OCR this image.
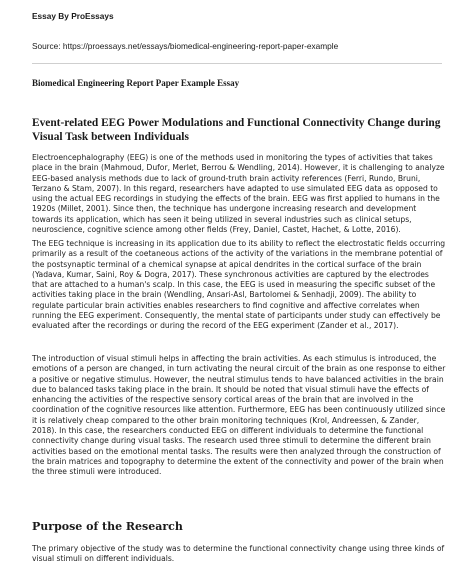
Essay By ProEssays
Source: https://proessays.net/essays/biomedical-engineering-report-paper-example
Biomedical Engineering Report Paper Example Essay
Event-related EEG Power Modulations and Functional Connectivity Change during Visual Task between Individuals
Electroencephalography (EEG) is one of the methods used in monitoring the types of activities that takes place in the brain (Mahmoud, Dufor, Merlet, Berrou & Wendling, 2014). However, it is challenging to analyze EEG-based analysis methods due to lack of ground-truth brain activity references (Ferri, Rundo, Bruni, Terzano & Stam, 2007). In this regard, researchers have adapted to use simulated EEG data as opposed to using the actual EEG recordings in studying the effects of the brain. EEG was first applied to humans in the 1920s (Millet, 2001). Since then, the technique has undergone increasing research and development towards its application, which has seen it being utilized in several industries such as clinical setups, neuroscience, cognitive science among other fields (Frey, Daniel, Castet, Hachet, & Lotte, 2016).
The EEG technique is increasing in its application due to its ability to reflect the electrostatic fields occurring primarily as a result of the coetaneous actions of the activity of the variations in the membrane potential of the postsynaptic terminal of a chemical synapse at apical dendrites in the cortical surface of the brain (Yadava, Kumar, Saini, Roy & Dogra, 2017). These synchronous activities are captured by the electrodes that are attached to a human's scalp. In this case, the EEG is used in measuring the specific subset of the activities taking place in the brain (Wendling, Ansari-Asl, Bartolomei & Senhadji, 2009). The ability to regulate particular brain activities enables researchers to find cognitive and affective correlates when running the EEG experiment. Consequently, the mental state of participants under study can effectively be evaluated after the recordings or during the record of the EEG experiment (Zander et al., 2017).
The introduction of visual stimuli helps in affecting the brain activities. As each stimulus is introduced, the emotions of a person are changed, in turn activating the neural circuit of the brain as one response to either a positive or negative stimulus. However, the neutral stimulus tends to have balanced activities in the brain due to balanced tasks taking place in the brain. It should be noted that visual stimuli have the effects of enhancing the activities of the respective sensory cortical areas of the brain that are involved in the coordination of the cognitive resources like attention. Furthermore, EEG has been continuously utilized since it is relatively cheap compared to the other brain monitoring techniques (Krol, Andreessen, & Zander, 2018). In this case, the researchers conducted EEG on different individuals to determine the functional connectivity change during visual tasks. The research used three stimuli to determine the different brain activities based on the emotional mental tasks. The results were then analyzed through the construction of the brain matrices and topography to determine the extent of the connectivity and power of the brain when the three stimuli were introduced.
Purpose of the Research
The primary objective of the study was to determine the functional connectivity change using three kinds of visual stimuli on different individuals.
